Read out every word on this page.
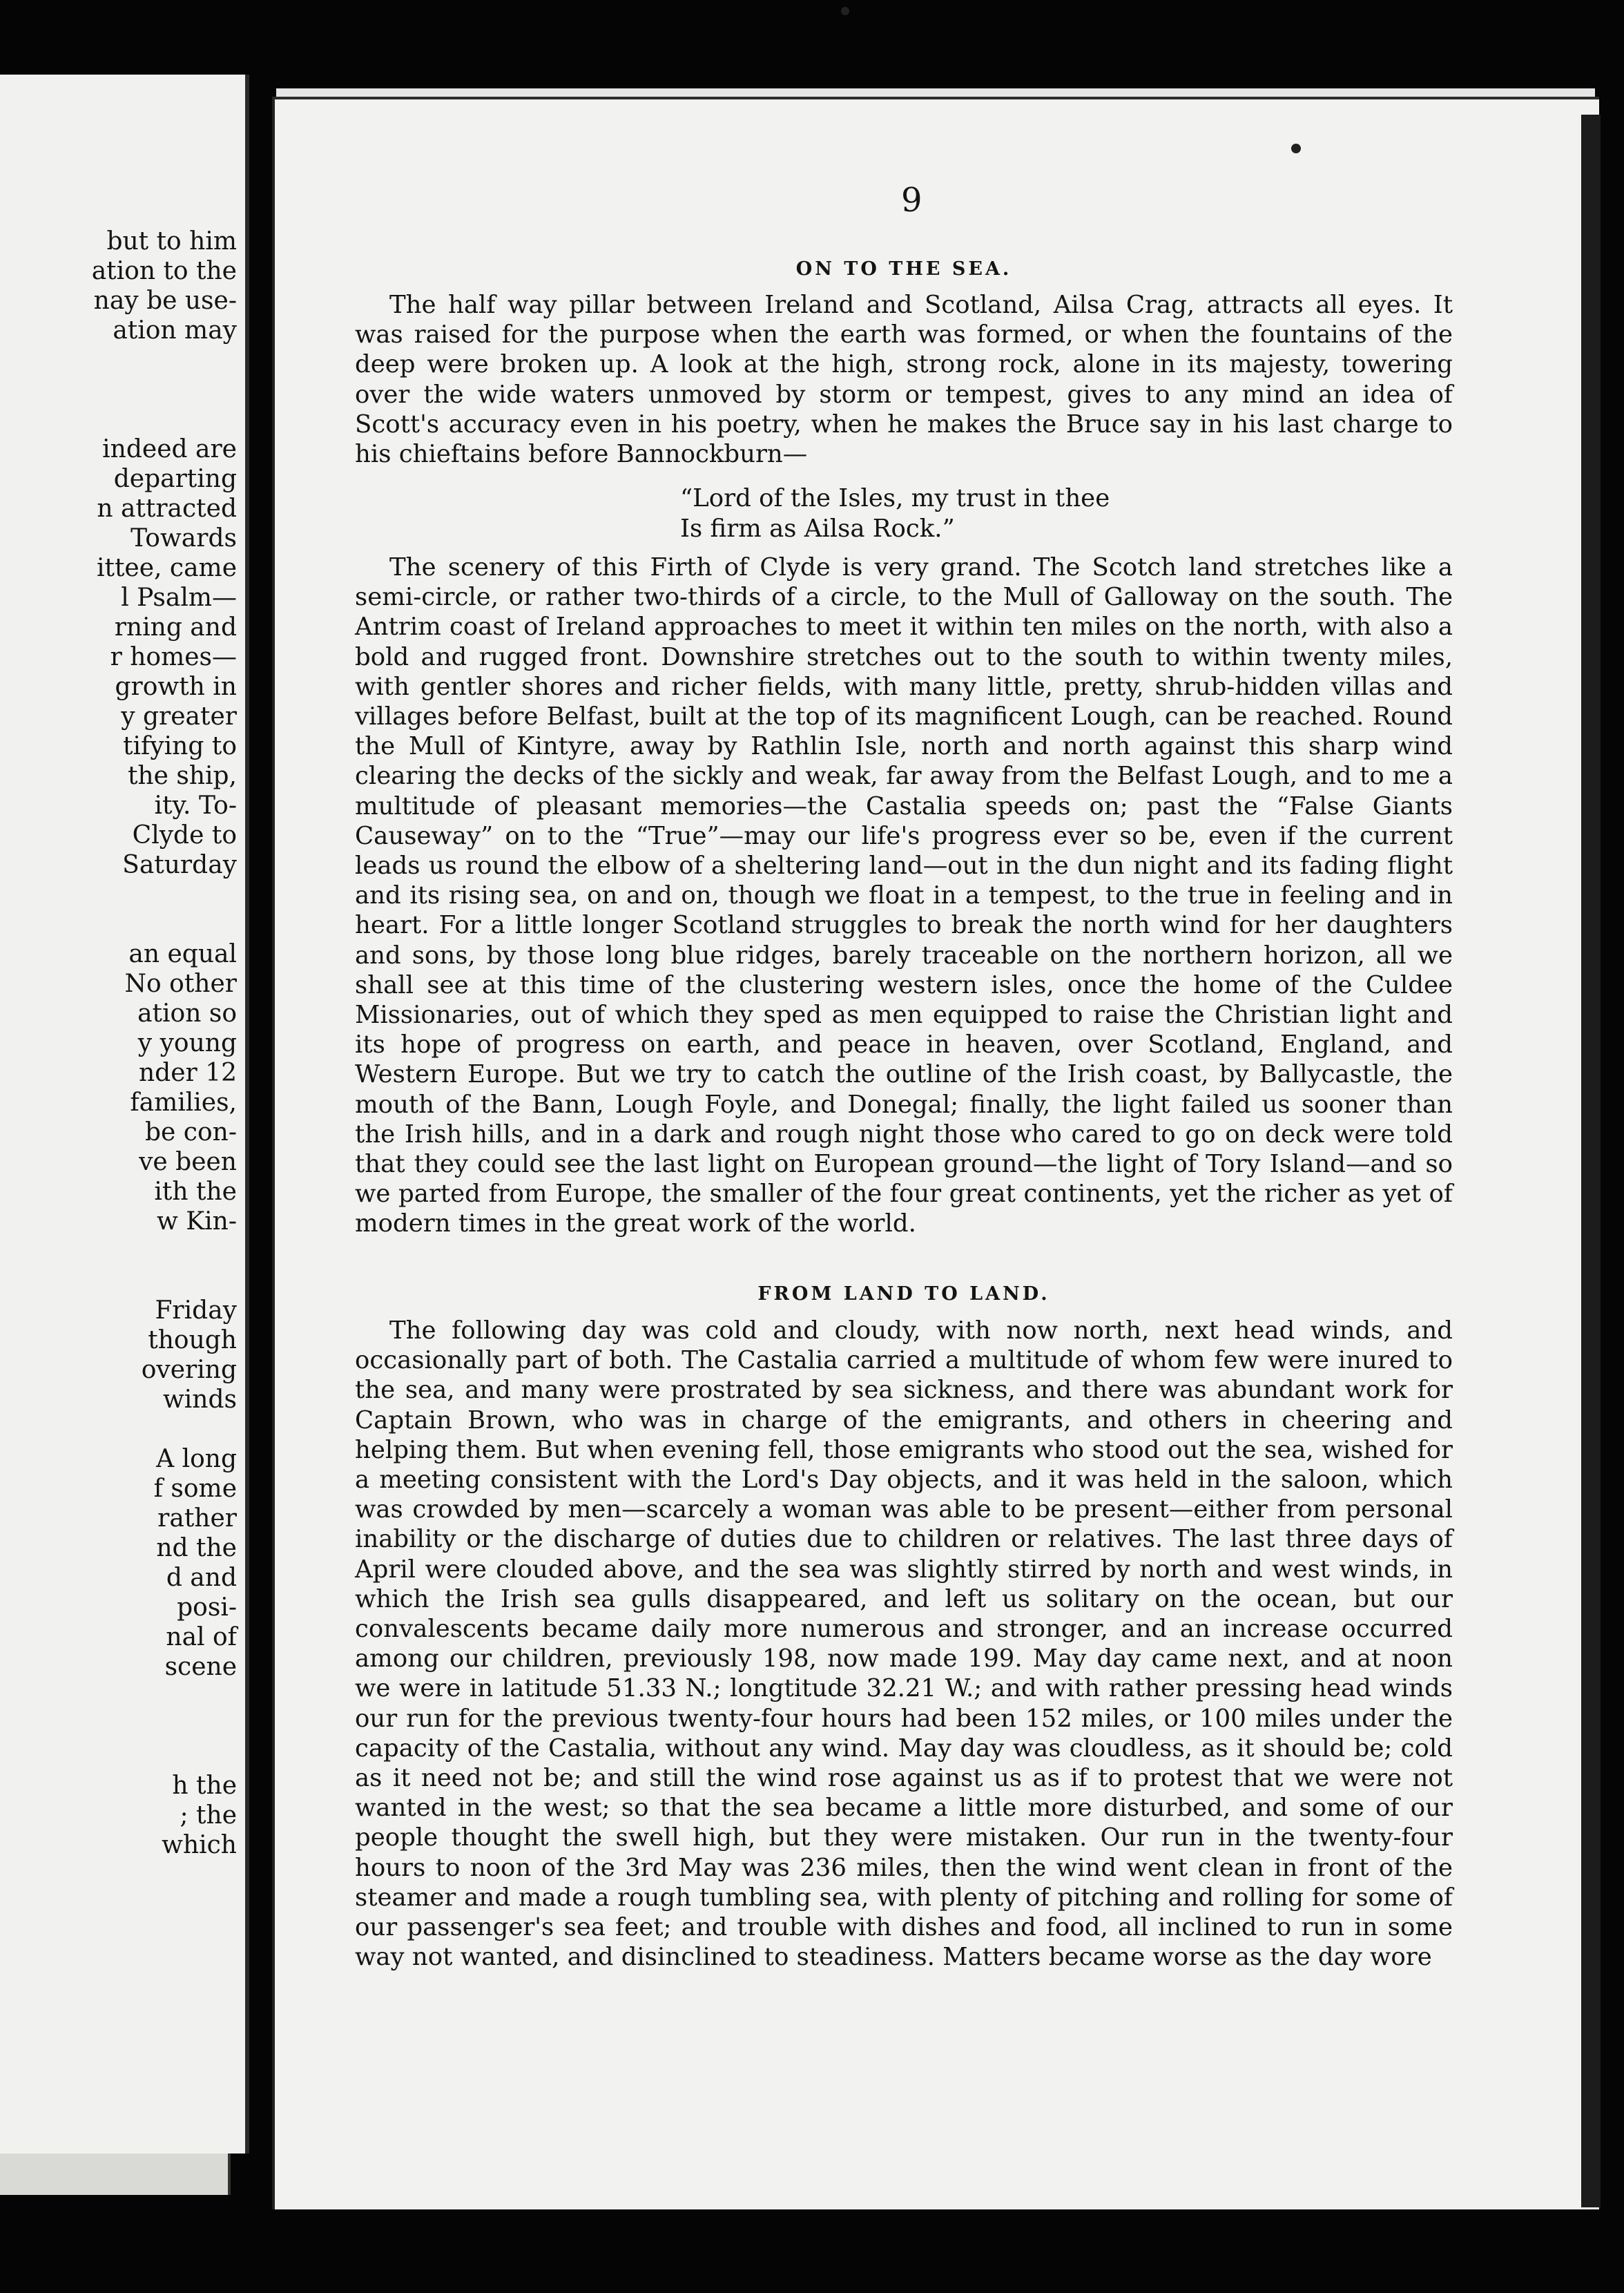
but to him
ation to the
nay be use-
ation may
indeed are
departing
n attracted
Towards
ittee, came
l Psalm—
rning and
r homes—
growth in
y greater
tifying to
the ship,
ity. To-
Clyde to
Saturday
an equal
No other
ation so
y young
nder 12
families,
be con-
ve been
ith the
w Kin-
Friday
though
overing
winds
A long
f some
rather
nd the
d and
posi-
nal of
scene
h the
; the
which
9
ON TO THE SEA.
The half way pillar between Ireland and Scotland, Ailsa Crag, attracts all eyes. It was raised for the purpose when the earth was formed, or when the fountains of the deep were broken up. A look at the high, strong rock, alone in its majesty, towering over the wide waters unmoved by storm or tempest, gives to any mind an idea of Scott's accuracy even in his poetry, when he makes the Bruce say in his last charge to his chieftains before Bannockburn—
“Lord of the Isles, my trust in thee
Is firm as Ailsa Rock.”
The scenery of this Firth of Clyde is very grand. The Scotch land stretches like a semi-circle, or rather two-thirds of a circle, to the Mull of Galloway on the south. The Antrim coast of Ireland approaches to meet it within ten miles on the north, with also a bold and rugged front. Downshire stretches out to the south to within twenty miles, with gentler shores and richer fields, with many little, pretty, shrub-hidden villas and villages before Belfast, built at the top of its magnificent Lough, can be reached. Round the Mull of Kintyre, away by Rathlin Isle, north and north against this sharp wind clearing the decks of the sickly and weak, far away from the Belfast Lough, and to me a multitude of pleasant memories—the Castalia speeds on; past the “False Giants Causeway” on to the “True”—may our life's progress ever so be, even if the current leads us round the elbow of a sheltering land—out in the dun night and its fading flight and its rising sea, on and on, though we float in a tempest, to the true in feeling and in heart. For a little longer Scotland struggles to break the north wind for her daughters and sons, by those long blue ridges, barely traceable on the northern horizon, all we shall see at this time of the clustering western isles, once the home of the Culdee Missionaries, out of which they sped as men equipped to raise the Christian light and its hope of progress on earth, and peace in heaven, over Scotland, England, and Western Europe. But we try to catch the outline of the Irish coast, by Ballycastle, the mouth of the Bann, Lough Foyle, and Donegal; finally, the light failed us sooner than the Irish hills, and in a dark and rough night those who cared to go on deck were told that they could see the last light on European ground—the light of Tory Island—and so we parted from Europe, the smaller of the four great continents, yet the richer as yet of modern times in the great work of the world.
FROM LAND TO LAND.
The following day was cold and cloudy, with now north, next head winds, and occasionally part of both. The Castalia carried a multitude of whom few were inured to the sea, and many were prostrated by sea sickness, and there was abundant work for Captain Brown, who was in charge of the emigrants, and others in cheering and helping them. But when evening fell, those emigrants who stood out the sea, wished for a meeting consistent with the Lord's Day objects, and it was held in the saloon, which was crowded by men—scarcely a woman was able to be present—either from personal inability or the discharge of duties due to children or relatives. The last three days of April were clouded above, and the sea was slightly stirred by north and west winds, in which the Irish sea gulls disappeared, and left us solitary on the ocean, but our convalescents became daily more numerous and stronger, and an increase occurred among our children, previously 198, now made 199. May day came next, and at noon we were in latitude 51.33 N.; longtitude 32.21 W.; and with rather pressing head winds our run for the previous twenty-four hours had been 152 miles, or 100 miles under the capacity of the Castalia, without any wind. May day was cloudless, as it should be; cold as it need not be; and still the wind rose against us as if to protest that we were not wanted in the west; so that the sea became a little more disturbed, and some of our people thought the swell high, but they were mistaken. Our run in the twenty-four hours to noon of the 3rd May was 236 miles, then the wind went clean in front of the steamer and made a rough tumbling sea, with plenty of pitching and rolling for some of our passenger's sea feet; and trouble with dishes and food, all inclined to run in some way not wanted, and disinclined to steadiness. Matters became worse as the day wore
